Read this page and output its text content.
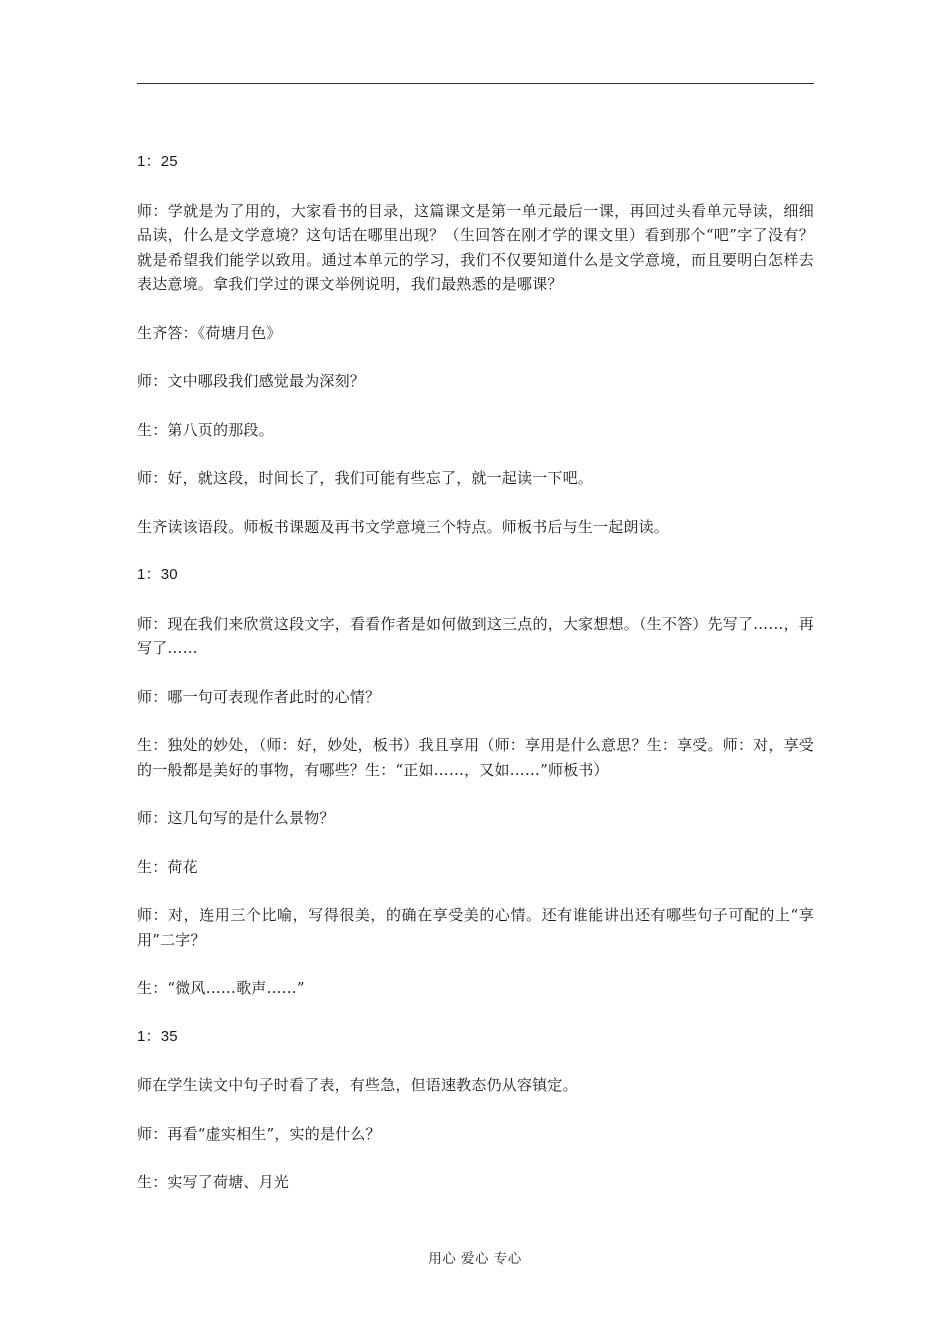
1：25

师：学就是为了用的，大家看书的目录，这篇课文是第一单元最后一课，再回过头看单元导读，细细品读，什么是文学意境？这句话在哪里出现？（生回答在刚才学的课文里）看到那个“吧”字了没有？就是希望我们能学以致用。通过本单元的学习，我们不仅要知道什么是文学意境，而且要明白怎样去表达意境。拿我们学过的课文举例说明，我们最熟悉的是哪课？

生齐答：《荷塘月色》

师：文中哪段我们感觉最为深刻？

生：第八页的那段。

师：好，就这段，时间长了，我们可能有些忘了，就一起读一下吧。

生齐读该语段。师板书课题及再书文学意境三个特点。师板书后与生一起朗读。

1：30

师：现在我们来欣赏这段文字，看看作者是如何做到这三点的，大家想想。（生不答）先写了……，再写了……

师：哪一句可表现作者此时的心情？

生：独处的妙处，（师：好，妙处，板书）我且享用（师：享用是什么意思？生：享受。师：对，享受的一般都是美好的事物，有哪些？生：“正如……，又如……”师板书）

师：这几句写的是什么景物？

生：荷花

师：对，连用三个比喻，写得很美，的确在享受美的心情。还有谁能讲出还有哪些句子可配的上“享用”二字？

生：“微风……歌声……”

1：35

师在学生读文中句子时看了表，有些急，但语速教态仍从容镇定。

师：再看“虚实相生”，实的是什么？

生：实写了荷塘、月光

用心 爱心 专心
